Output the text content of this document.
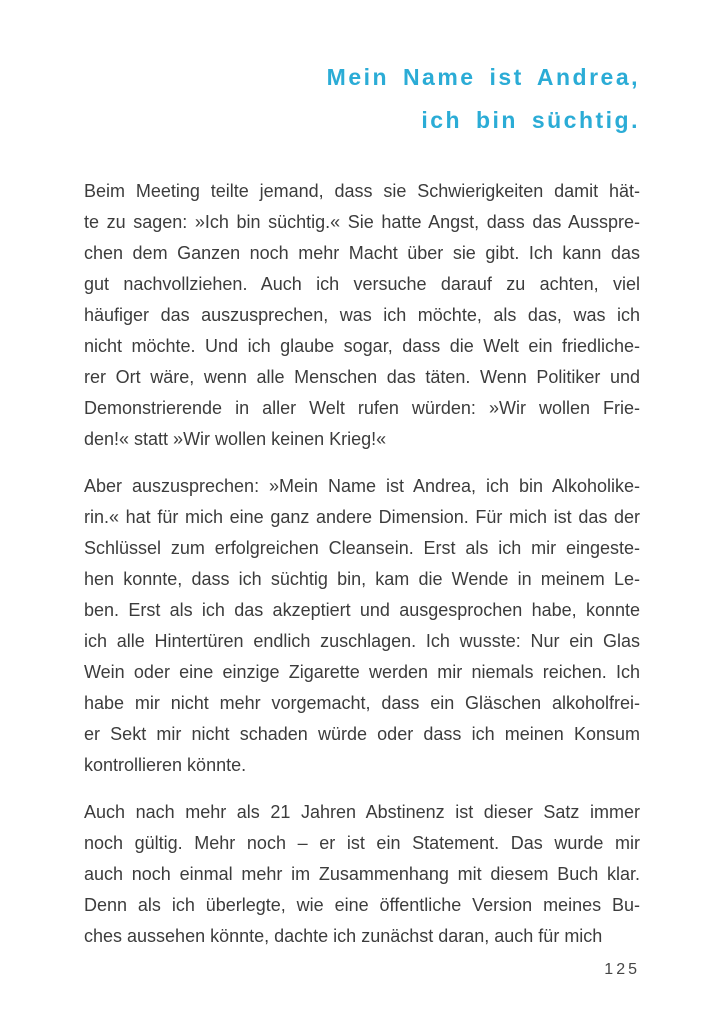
Mein Name ist Andrea,
ich bin süchtig.
Beim Meeting teilte jemand, dass sie Schwierigkeiten damit hät-
te zu sagen: »Ich bin süchtig.« Sie hatte Angst, dass das Ausspre-
chen dem Ganzen noch mehr Macht über sie gibt. Ich kann das
gut nachvollziehen. Auch ich versuche darauf zu achten, viel
häufiger das auszusprechen, was ich möchte, als das, was ich
nicht möchte. Und ich glaube sogar, dass die Welt ein friedliche-
rer Ort wäre, wenn alle Menschen das täten. Wenn Politiker und
Demonstrierende in aller Welt rufen würden: »Wir wollen Frie-
den!« statt »Wir wollen keinen Krieg!«
Aber auszusprechen: »Mein Name ist Andrea, ich bin Alkoholike-
rin.« hat für mich eine ganz andere Dimension. Für mich ist das der
Schlüssel zum erfolgreichen Cleansein. Erst als ich mir eingeste-
hen konnte, dass ich süchtig bin, kam die Wende in meinem Le-
ben. Erst als ich das akzeptiert und ausgesprochen habe, konnte
ich alle Hintertüren endlich zuschlagen. Ich wusste: Nur ein Glas
Wein oder eine einzige Zigarette werden mir niemals reichen. Ich
habe mir nicht mehr vorgemacht, dass ein Gläschen alkoholfrei-
er Sekt mir nicht schaden würde oder dass ich meinen Konsum
kontrollieren könnte.
Auch nach mehr als 21 Jahren Abstinenz ist dieser Satz immer
noch gültig. Mehr noch – er ist ein Statement. Das wurde mir
auch noch einmal mehr im Zusammenhang mit diesem Buch klar.
Denn als ich überlegte, wie eine öffentliche Version meines Bu-
ches aussehen könnte, dachte ich zunächst daran, auch für mich
125
